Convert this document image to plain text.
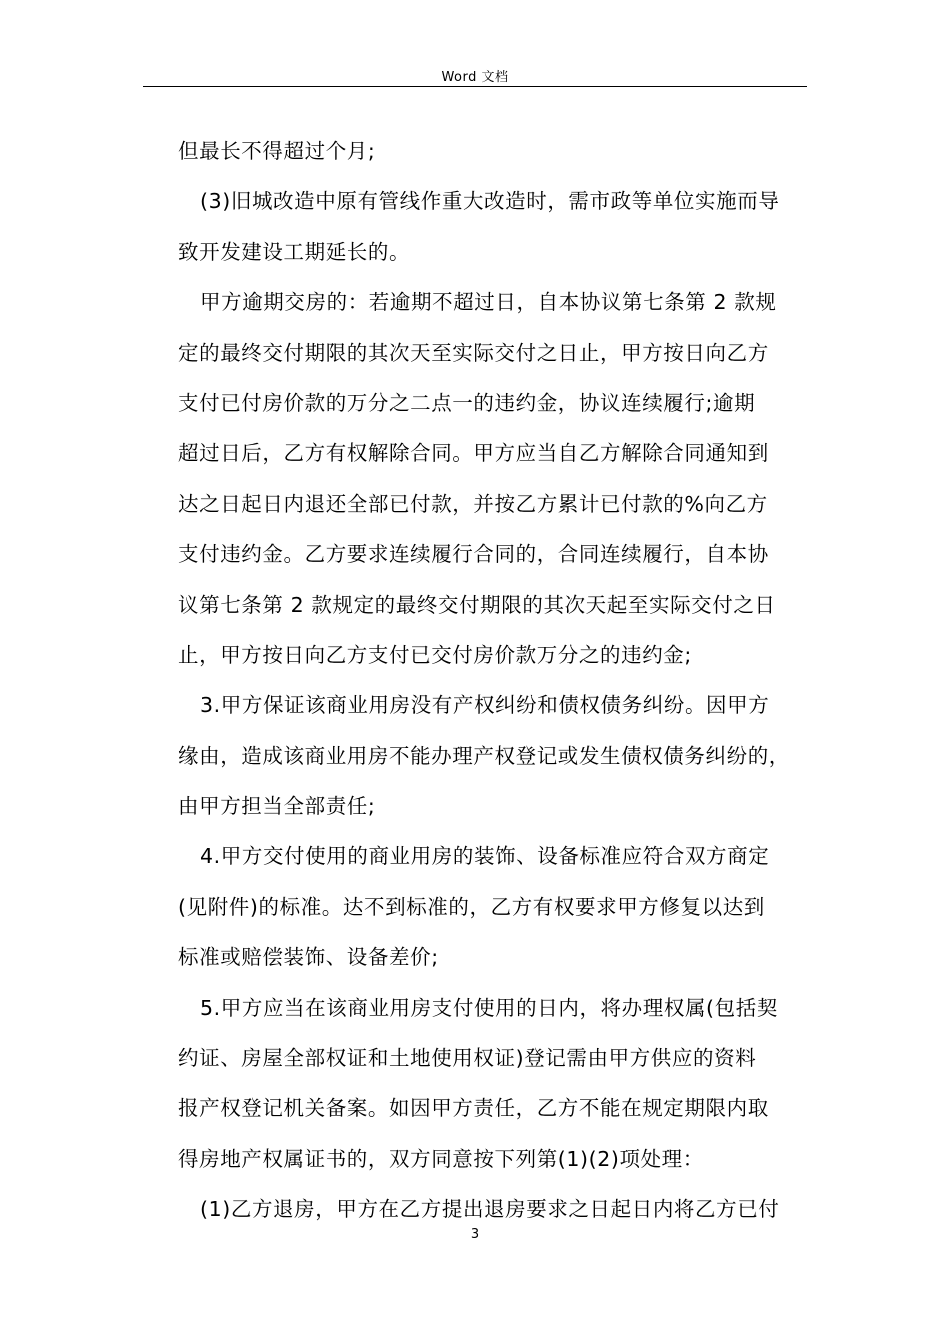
Word 文档
但最长不得超过个月;
(3)旧城改造中原有管线作重大改造时，需市政等单位实施而导
致开发建设工期延长的。
甲方逾期交房的：若逾期不超过日，自本协议第七条第 2 款规
定的最终交付期限的其次天至实际交付之日止，甲方按日向乙方
支付已付房价款的万分之二点一的违约金，协议连续履行;逾期
超过日后，乙方有权解除合同。甲方应当自乙方解除合同通知到
达之日起日内退还全部已付款，并按乙方累计已付款的%向乙方
支付违约金。乙方要求连续履行合同的，合同连续履行，自本协
议第七条第 2 款规定的最终交付期限的其次天起至实际交付之日
止，甲方按日向乙方支付已交付房价款万分之的违约金;
3.甲方保证该商业用房没有产权纠纷和债权债务纠纷。因甲方
缘由，造成该商业用房不能办理产权登记或发生债权债务纠纷的，
由甲方担当全部责任;
4.甲方交付使用的商业用房的装饰、设备标准应符合双方商定
(见附件)的标准。达不到标准的，乙方有权要求甲方修复以达到
标准或赔偿装饰、设备差价;
5.甲方应当在该商业用房支付使用的日内，将办理权属(包括契
约证、房屋全部权证和土地使用权证)登记需由甲方供应的资料
报产权登记机关备案。如因甲方责任，乙方不能在规定期限内取
得房地产权属证书的，双方同意按下列第(1)(2)项处理：
(1)乙方退房，甲方在乙方提出退房要求之日起日内将乙方已付
3
